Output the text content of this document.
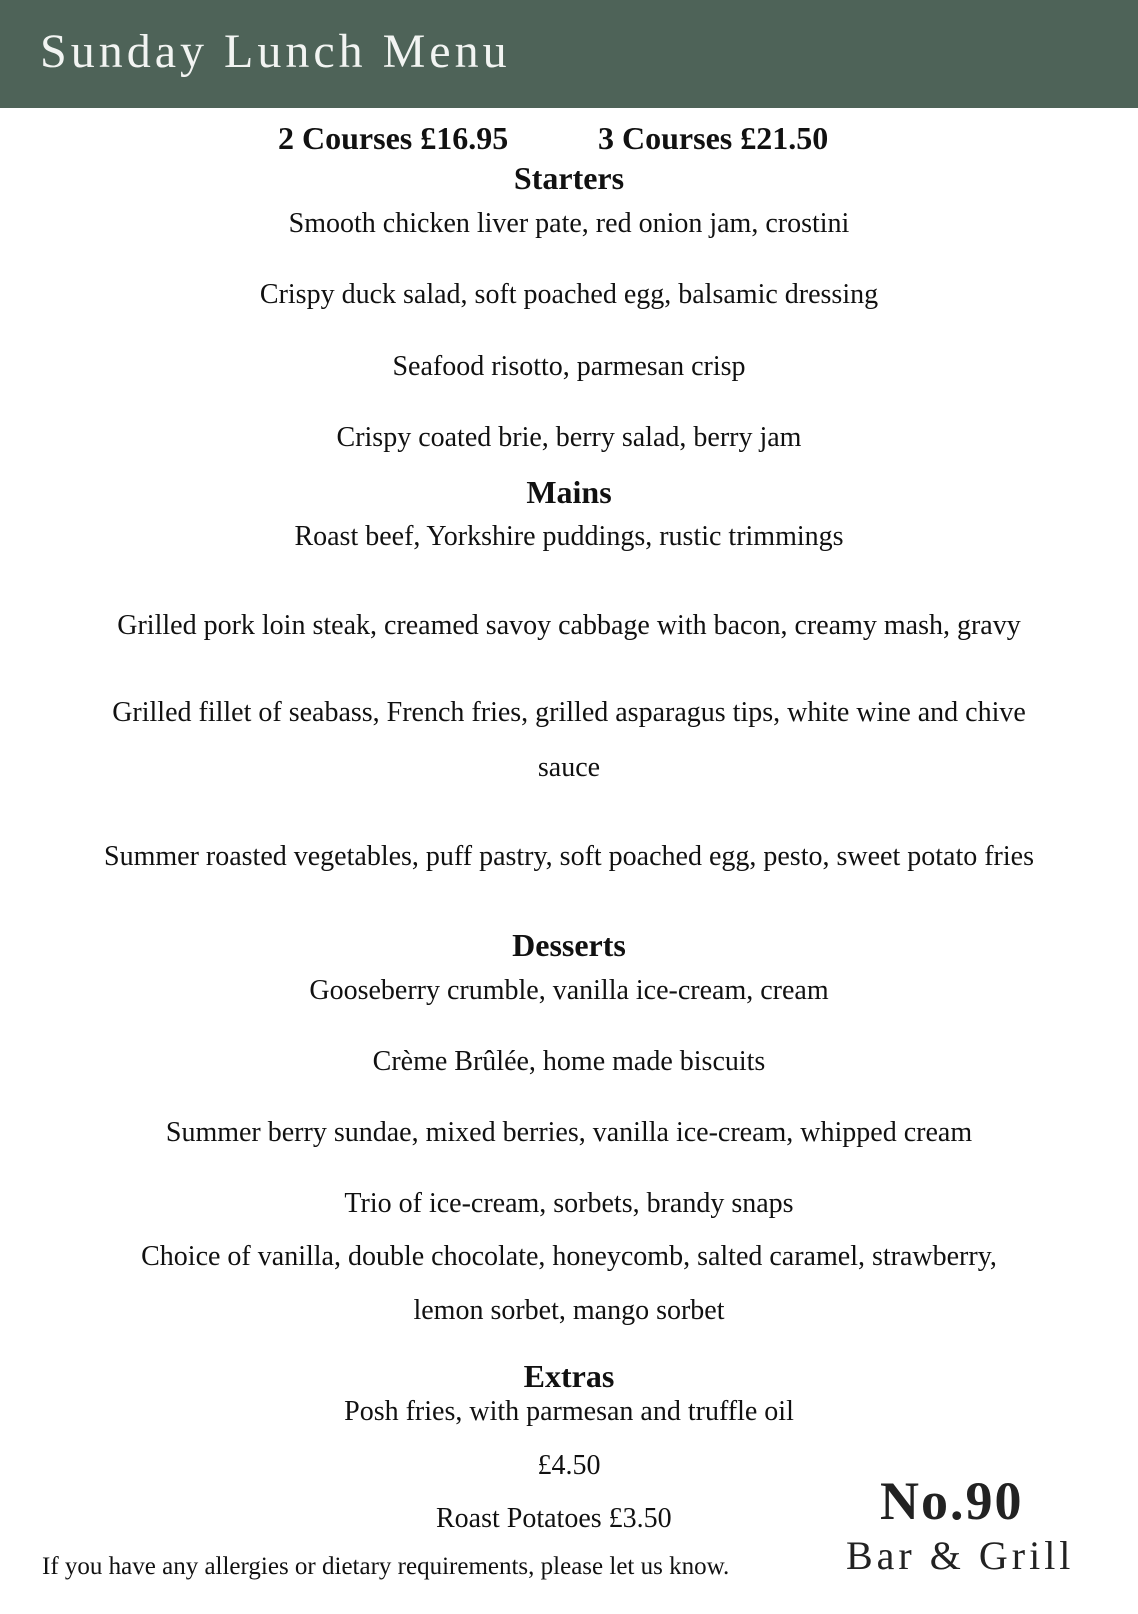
Sunday Lunch Menu
2 Courses £16.95	3 Courses £21.50
Starters
Smooth chicken liver pate, red onion jam, crostini
Crispy duck salad, soft poached egg, balsamic dressing
Seafood risotto, parmesan crisp
Crispy coated brie, berry salad, berry jam
Mains
Roast beef, Yorkshire puddings, rustic trimmings
Grilled pork loin steak, creamed savoy cabbage with bacon, creamy mash, gravy
Grilled fillet of seabass, French fries, grilled asparagus tips, white wine and chive
sauce
Summer roasted vegetables, puff pastry, soft poached egg, pesto, sweet potato fries
Desserts
Gooseberry crumble, vanilla ice-cream, cream
Crème Brûlée, home made biscuits
Summer berry sundae, mixed berries, vanilla ice-cream, whipped cream
Trio of ice-cream, sorbets, brandy snaps
Choice of vanilla, double chocolate, honeycomb, salted caramel, strawberry,
lemon sorbet, mango sorbet
Extras
Posh fries, with parmesan and truffle oil
£4.50
Roast Potatoes £3.50
If you have any allergies or dietary requirements, please let us know.
No.90
Bar & Grill
